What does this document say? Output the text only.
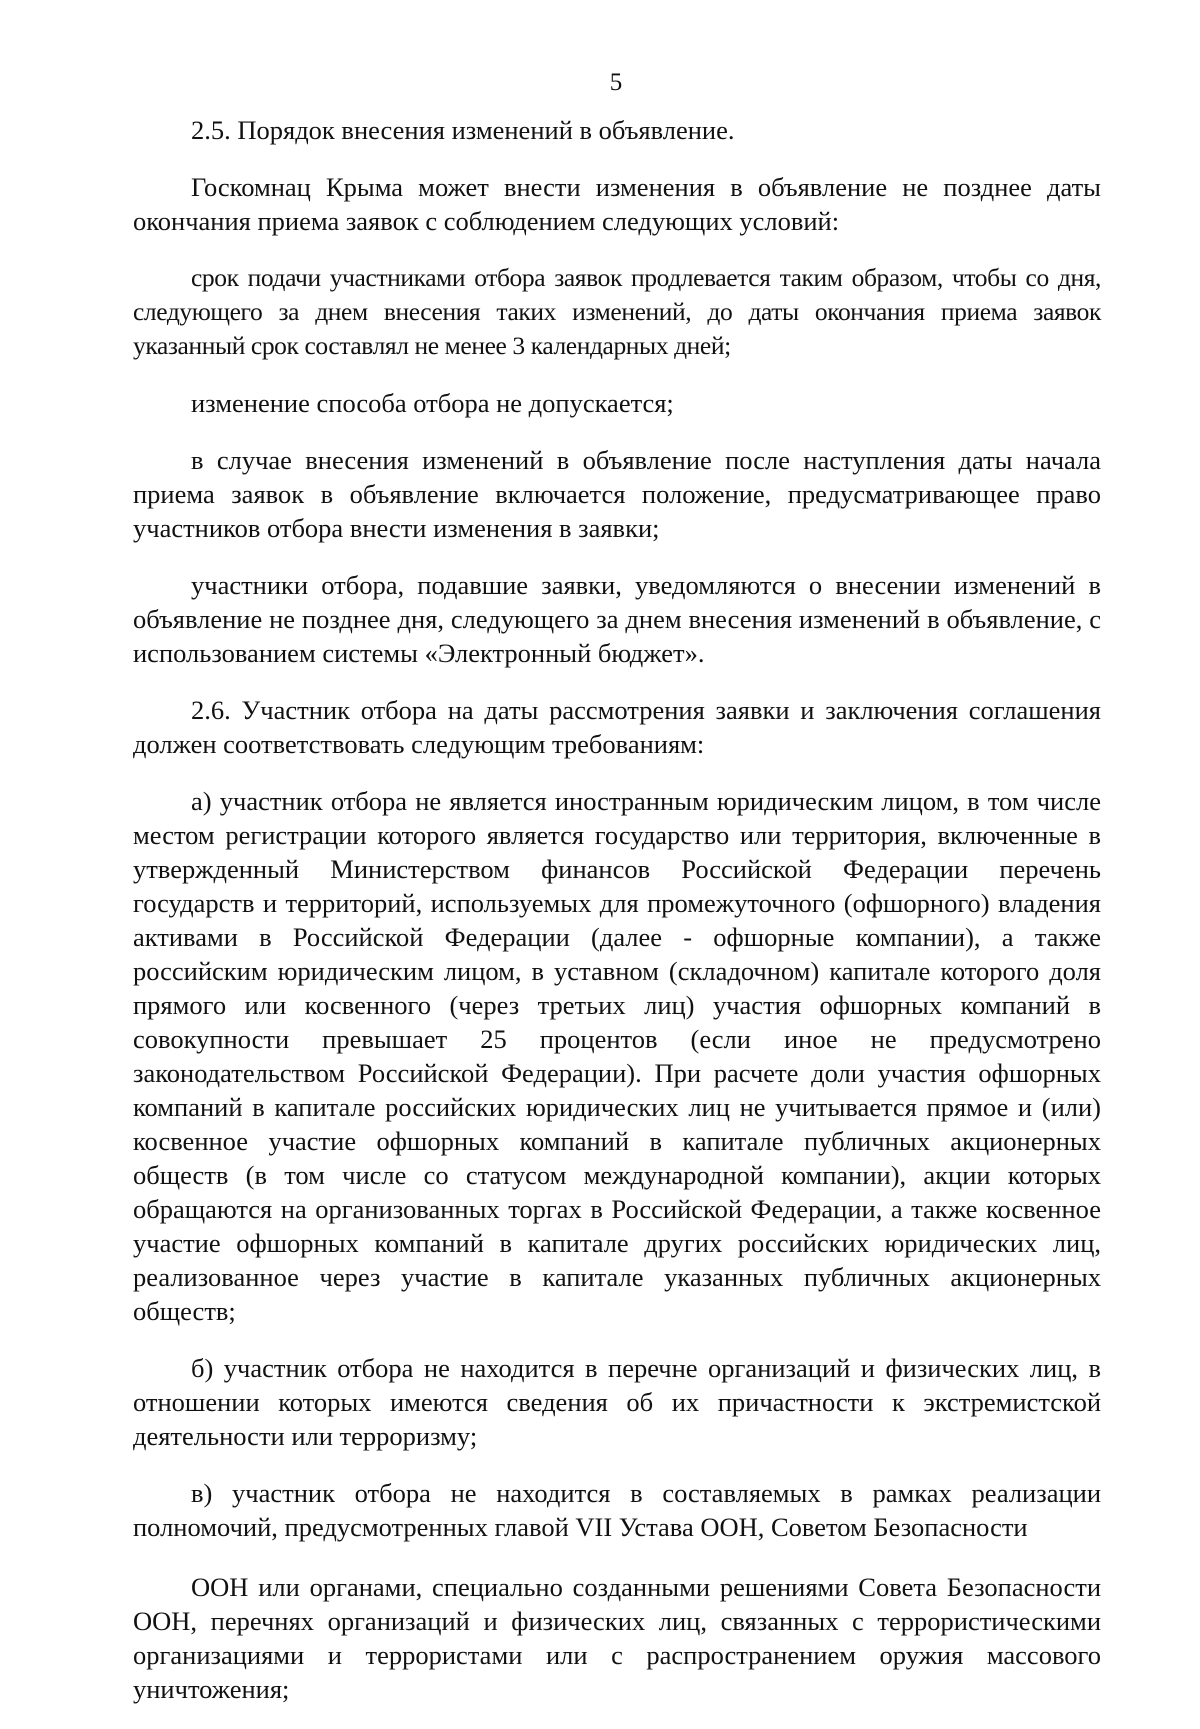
5

2.5. Порядок внесения изменений в объявление.

Госкомнац Крыма может внести изменения в объявление не позднее даты окончания приема заявок с соблюдением следующих условий:

срок подачи участниками отбора заявок продлевается таким образом, чтобы со дня, следующего за днем внесения таких изменений, до даты окончания приема заявок указанный срок составлял не менее 3 календарных дней;

изменение способа отбора не допускается;

в случае внесения изменений в объявление после наступления даты начала приема заявок в объявление включается положение, предусматривающее право участников отбора внести изменения в заявки;

участники отбора, подавшие заявки, уведомляются о внесении изменений в объявление не позднее дня, следующего за днем внесения изменений в объявление, с использованием системы «Электронный бюджет».

2.6. Участник отбора на даты рассмотрения заявки и заключения соглашения должен соответствовать следующим требованиям:

а) участник отбора не является иностранным юридическим лицом, в том числе местом регистрации которого является государство или территория, включенные в утвержденный Министерством финансов Российской Федерации перечень государств и территорий, используемых для промежуточного (офшорного) владения активами в Российской Федерации (далее - офшорные компании), а также российским юридическим лицом, в уставном (складочном) капитале которого доля прямого или косвенного (через третьих лиц) участия офшорных компаний в совокупности превышает 25 процентов (если иное не предусмотрено законодательством Российской Федерации). При расчете доли участия офшорных компаний в капитале российских юридических лиц не учитывается прямое и (или) косвенное участие офшорных компаний в капитале публичных акционерных обществ (в том числе со статусом международной компании), акции которых обращаются на организованных торгах в Российской Федерации, а также косвенное участие офшорных компаний в капитале других российских юридических лиц, реализованное через участие в капитале указанных публичных акционерных обществ;

б) участник отбора не находится в перечне организаций и физических лиц, в отношении которых имеются сведения об их причастности к экстремистской деятельности или терроризму;

в) участник отбора не находится в составляемых в рамках реализации полномочий, предусмотренных главой VII Устава ООН, Советом Безопасности

ООН или органами, специально созданными решениями Совета Безопасности ООН, перечнях организаций и физических лиц, связанных с террористическими организациями и террористами или с распространением оружия массового уничтожения;
